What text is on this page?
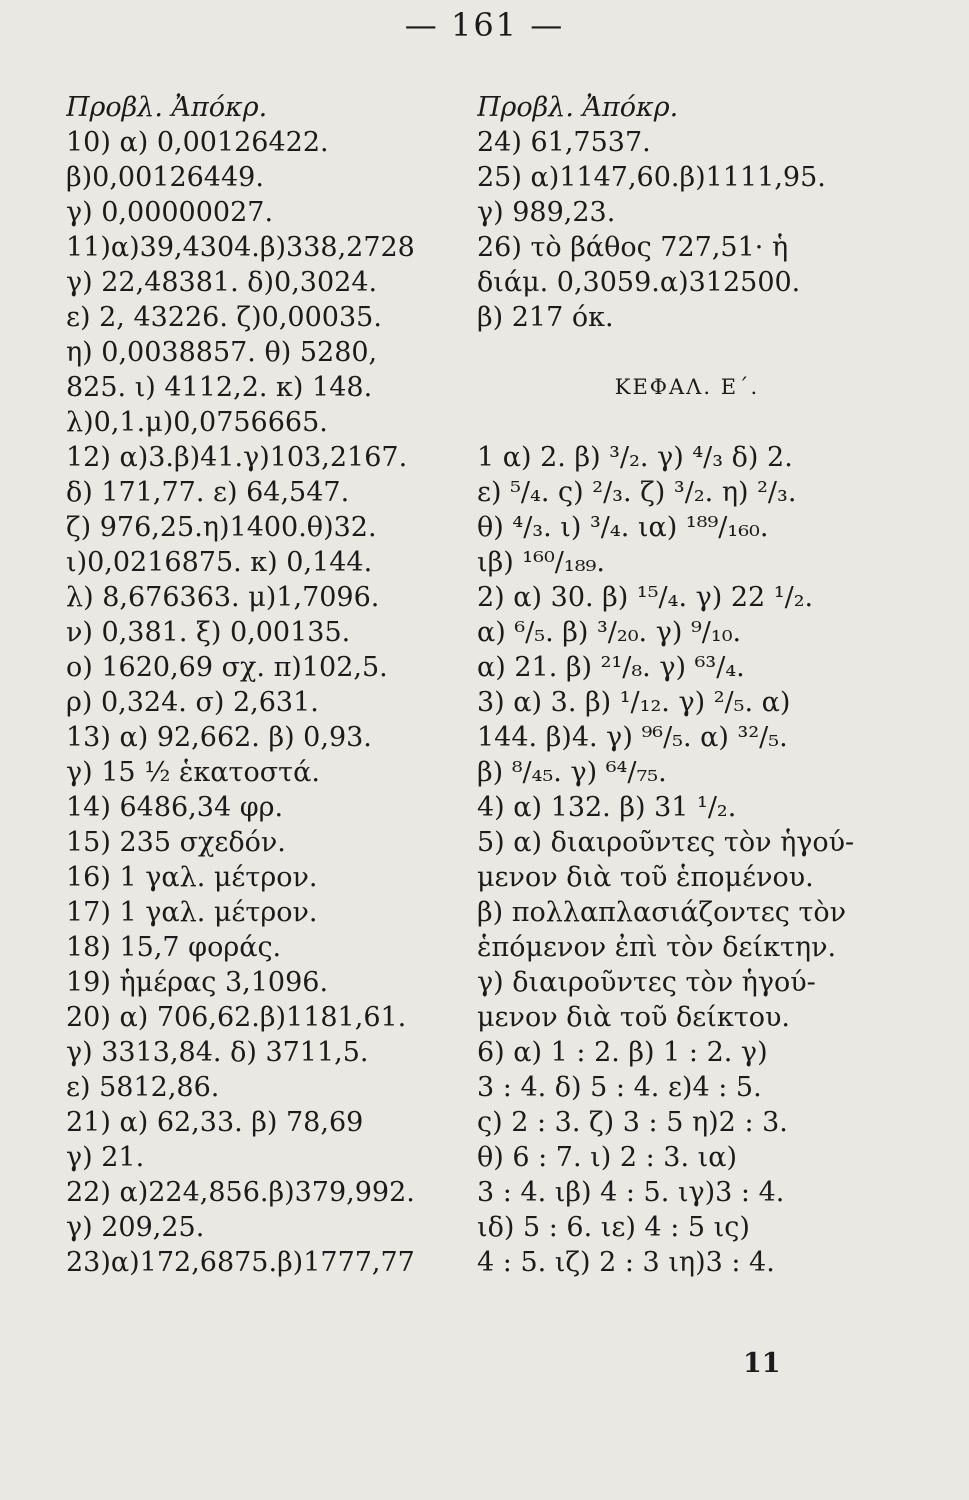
— 161 —
Προβλ. Ἀπόκρ.
10) α) 0,00126422.
β)0,00126449.
γ) 0,00000027.
11)α)39,4304.β)338,2728
γ) 22,48381. δ)0,3024.
ε) 2, 43226. ζ)0,00035.
η) 0,0038857. θ) 5280,
825. ι) 4112,2. κ) 148.
λ)0,1.μ)0,0756665.
12) α)3.β)41.γ)103,2167.
δ) 171,77. ε) 64,547.
ζ) 976,25.η)1400.θ)32.
ι)0,0216875. κ) 0,144.
λ) 8,676363. μ)1,7096.
ν) 0,381. ξ) 0,00135.
ο) 1620,69 σχ. π)102,5.
ρ) 0,324. σ) 2,631.
13) α) 92,662. β) 0,93.
γ) 15 ½ ἑκατοστά.
14) 6486,34 φρ.
15) 235 σχεδόν.
16) 1 γαλ. μέτρον.
17) 1 γαλ. μέτρον.
18) 15,7 φοράς.
19) ἡμέρας 3,1096.
20) α) 706,62.β)1181,61.
γ) 3313,84. δ) 3711,5.
ε) 5812,86.
21) α) 62,33. β) 78,69
γ) 21.
22) α)224,856.β)379,992.
γ) 209,25.
23)α)172,6875.β)1777,77
Προβλ. Ἀπόκρ.
24) 61,7537.
25) α)1147,60.β)1111,95.
γ) 989,23.
26) τὸ βάθος 727,51· ἡ
διάμ. 0,3059.α)312500.
β) 217 όκ.
ΚΕΦΑΛ. Ε΄.
1 α) 2. β) ³/₂. γ) ⁴/₃ δ) 2.
ε) ⁵/₄. ς) ²/₃. ζ) ³/₂. η) ²/₃.
θ) ⁴/₃. ι) ³/₄. ια) ¹⁸⁹/₁₆₀.
ιβ) ¹⁶⁰/₁₈₉.
2) α) 30. β) ¹⁵/₄. γ) 22 ¹/₂.
α) ⁶/₅. β) ³/₂₀. γ) ⁹/₁₀.
α) 21. β) ²¹/₈. γ) ⁶³/₄.
3) α) 3. β) ¹/₁₂. γ) ²/₅. α)
144. β)4. γ) ⁹⁶/₅. α) ³²/₅.
β) ⁸/₄₅. γ) ⁶⁴/₇₅.
4) α) 132. β) 31 ¹/₂.
5) α) διαιροῦντες τὸν ἡγού-
μενον διὰ τοῦ ἑπομένου.
β) πολλαπλασιάζοντες τὸν
ἑπόμενον ἐπὶ τὸν δείκτην.
γ) διαιροῦντες τὸν ἡγού-
μενον διὰ τοῦ δείκτου.
6) α) 1 : 2. β) 1 : 2. γ)
3 : 4. δ) 5 : 4. ε)4 : 5.
ς) 2 : 3. ζ) 3 : 5 η)2 : 3.
θ) 6 : 7. ι) 2 : 3. ια)
3 : 4. ιβ) 4 : 5. ιγ)3 : 4.
ιδ) 5 : 6. ιε) 4 : 5 ις)
4 : 5. ιζ) 2 : 3 ιη)3 : 4.
11
